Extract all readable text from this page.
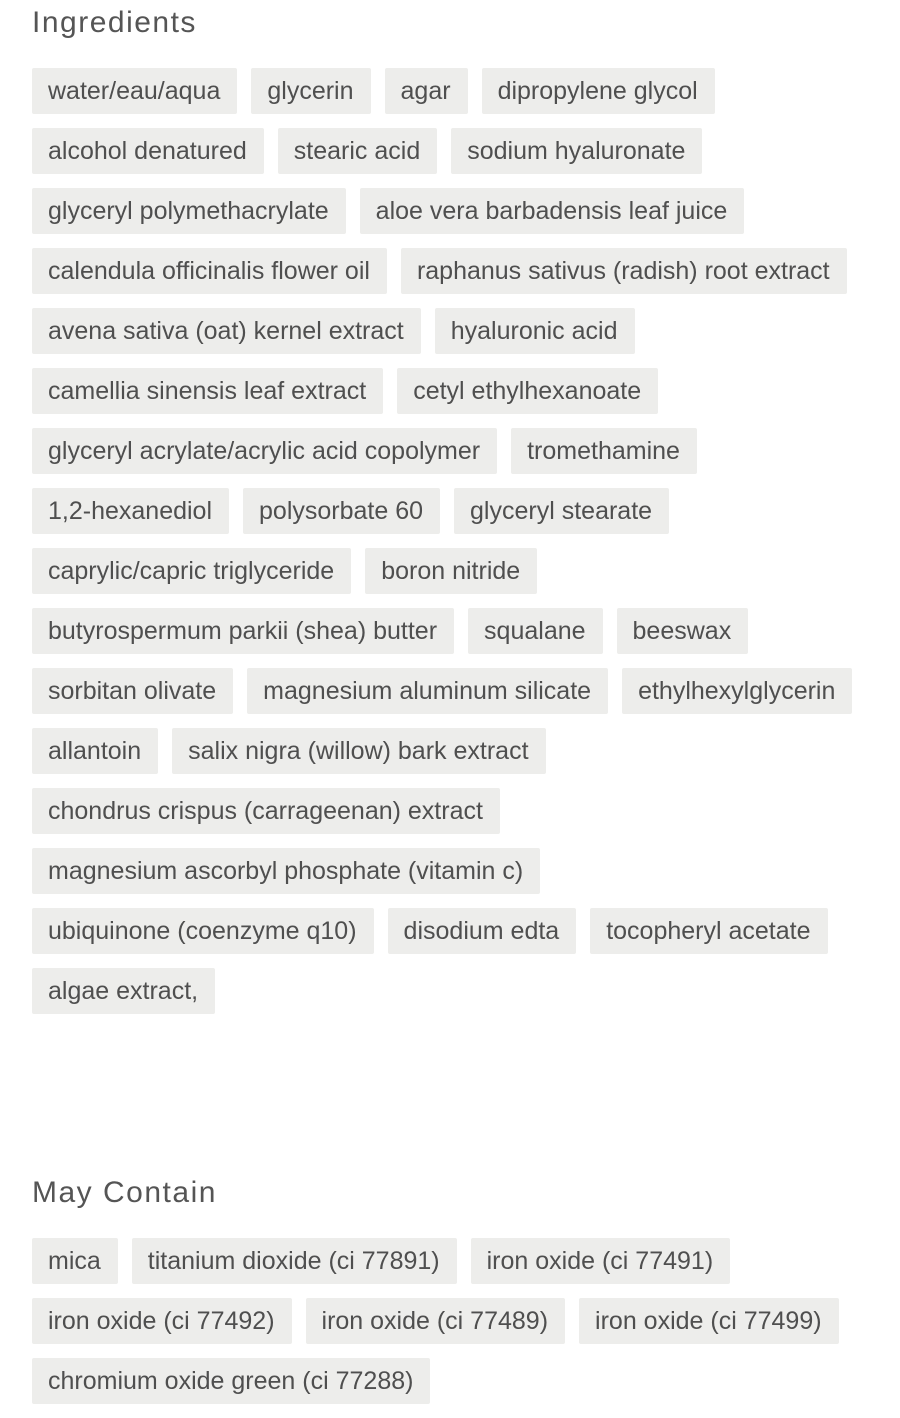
Ingredients
water/eau/aqua	glycerin	agar	dipropylene glycol
alcohol denatured	stearic acid	sodium hyaluronate
glyceryl polymethacrylate	aloe vera barbadensis leaf juice
calendula officinalis flower oil	raphanus sativus (radish) root extract
avena sativa (oat) kernel extract	hyaluronic acid
camellia sinensis leaf extract	cetyl ethylhexanoate
glyceryl acrylate/acrylic acid copolymer	tromethamine
1,2-hexanediol	polysorbate 60	glyceryl stearate
caprylic/capric triglyceride	boron nitride
butyrospermum parkii (shea) butter	squalane	beeswax
sorbitan olivate	magnesium aluminum silicate	ethylhexylglycerin
allantoin	salix nigra (willow) bark extract
chondrus crispus (carrageenan) extract
magnesium ascorbyl phosphate (vitamin c)
ubiquinone (coenzyme q10)	disodium edta	tocopheryl acetate
algae extract,
May Contain
mica	titanium dioxide (ci 77891)	iron oxide (ci 77491)
iron oxide (ci 77492)	iron oxide (ci 77489)	iron oxide (ci 77499)
chromium oxide green (ci 77288)
